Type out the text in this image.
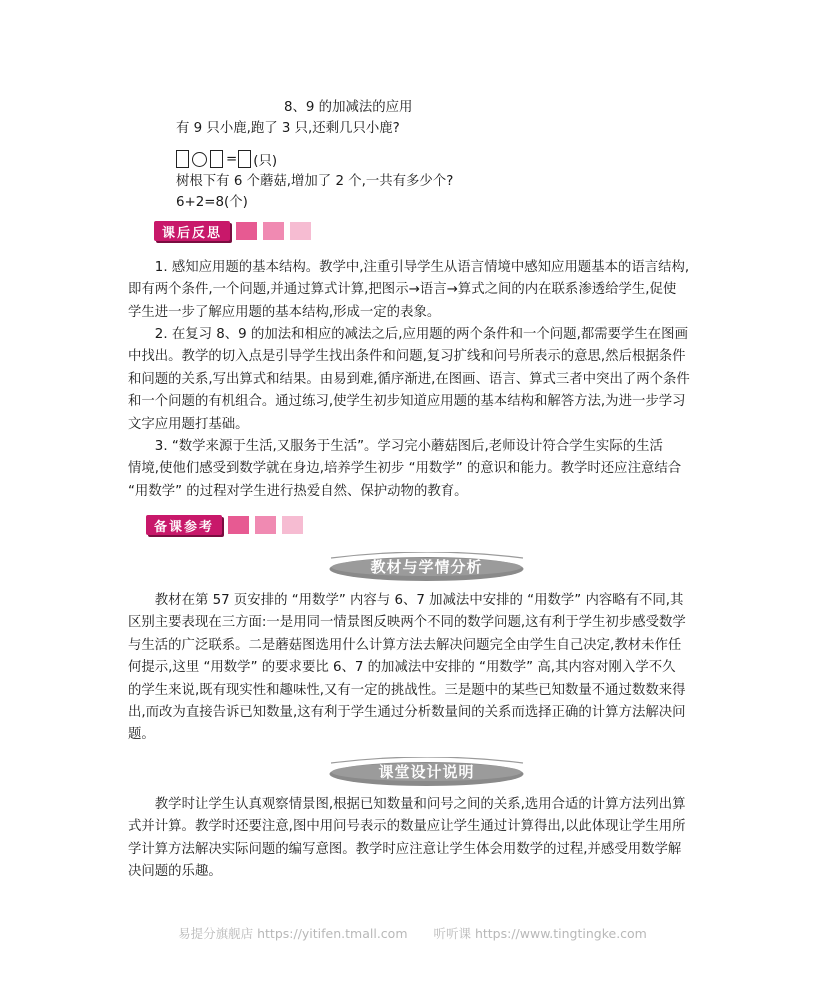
8、9 的加减法的应用
有 9 只小鹿,跑了 3 只,还剩几只小鹿?
= (只)
树根下有 6 个蘑菇,增加了 2 个,一共有多少个?
6+2=8(个)
课后反思

1. 感知应用题的基本结构。教学中,注重引导学生从语言情境中感知应用题基本的语言结构,
即有两个条件,一个问题,并通过算式计算,把图示→语言→算式之间的内在联系渗透给学生,促使
学生进一步了解应用题的基本结构,形成一定的表象。

2. 在复习 8、9 的加法和相应的减法之后,应用题的两个条件和一个问题,都需要学生在图画
中找出。教学的切入点是引导学生找出条件和问题,复习扩线和问号所表示的意思,然后根据条件
和问题的关系,写出算式和结果。由易到难,循序渐进,在图画、语言、算式三者中突出了两个条件
和一个问题的有机组合。通过练习,使学生初步知道应用题的基本结构和解答方法,为进一步学习
文字应用题打基础。

3. “数学来源于生活,又服务于生活”。学习完小蘑菇图后,老师设计符合学生实际的生活
情境,使他们感受到数学就在身边,培养学生初步 “用数学” 的意识和能力。教学时还应注意结合
“用数学” 的过程对学生进行热爱自然、保护动物的教育。

备课参考
教材与学情分析

教材在第 57 页安排的 “用数学” 内容与 6、7 加减法中安排的 “用数学” 内容略有不同,其
区别主要表现在三方面:一是用同一情景图反映两个不同的数学问题,这有利于学生初步感受数学
与生活的广泛联系。二是蘑菇图选用什么计算方法去解决问题完全由学生自己决定,教材未作任
何提示,这里 “用数学” 的要求要比 6、7 的加减法中安排的 “用数学” 高,其内容对刚入学不久
的学生来说,既有现实性和趣味性,又有一定的挑战性。三是题中的某些已知数量不通过数数来得
出,而改为直接告诉已知数量,这有利于学生通过分析数量间的关系而选择正确的计算方法解决问
题。

课堂设计说明

教学时让学生认真观察情景图,根据已知数量和问号之间的关系,选用合适的计算方法列出算
式并计算。教学时还要注意,图中用问号表示的数量应让学生通过计算得出,以此体现让学生用所
学计算方法解决实际问题的编写意图。教学时应注意让学生体会用数学的过程,并感受用数学解
决问题的乐趣。

易提分旗舰店 https://yitifen.tmall.com 听听课 https://www.tingtingke.com
